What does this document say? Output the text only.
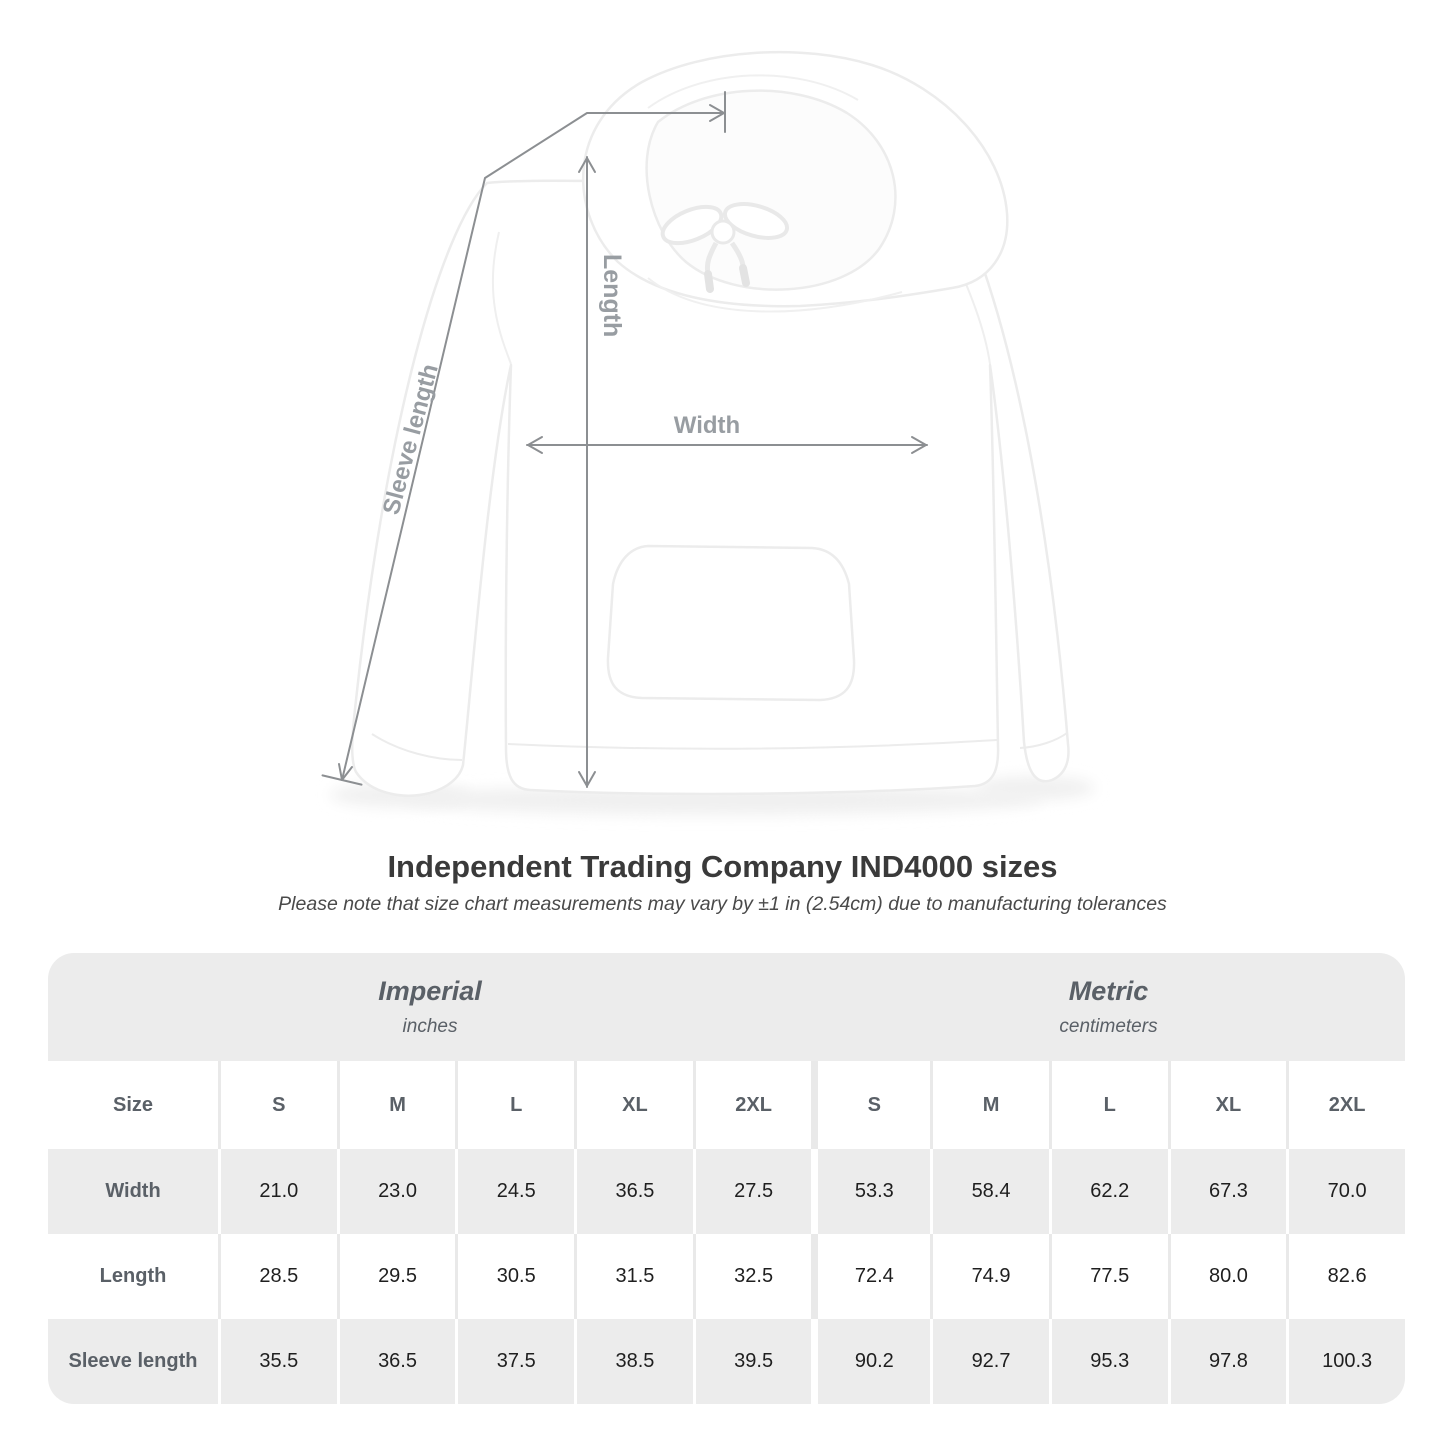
Length
Width
Sleeve length
Independent Trading Company IND4000 sizes

Please note that size chart measurements may vary by ±1 in (2.54cm) due to manufacturing tolerances

Imperial
inches
Metric
centimeters
Size	S	M	L	XL	2XL	S	M	L	XL	2XL
Width	21.0	23.0	24.5	36.5	27.5	53.3	58.4	62.2	67.3	70.0
Length	28.5	29.5	30.5	31.5	32.5	72.4	74.9	77.5	80.0	82.6
Sleeve length	35.5	36.5	37.5	38.5	39.5	90.2	92.7	95.3	97.8	100.3
